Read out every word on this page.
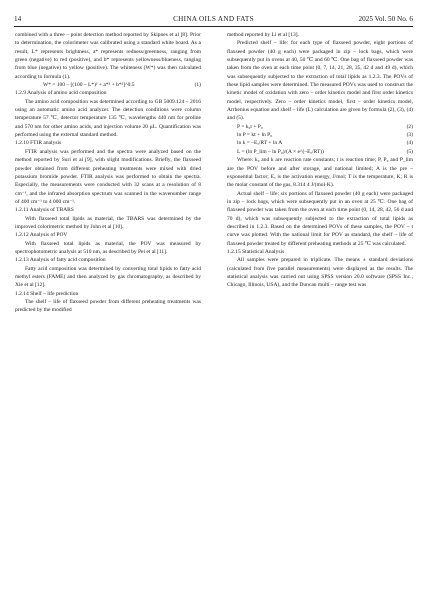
14	CHINA OILS AND FATS	2025 Vol. 50 No. 6

combined with a three – point detection method reported by Skipnes et al [8]. Prior to determination, the colorimeter was calibrated using a standard white board. As a result, L* represents brightness, a* represents redness/greenness, ranging from green (negative) to red (positive), and b* represents yellowness/blueness, ranging from blue (negative) to yellow (positive). The whiteness (W*) was then calculated according to formula (1).

W* = 100 – [(100 – L*)² + a*² + b*²]^0.5	(1)

1.2.9 Analysis of amino acid composition

The amino acid composition was determined according to GB 5009.124 – 2016 using an automatic amino acid analyzer. The detection conditions were column temperature 57 ℃, detector temperature 135 ℃, wavelengths 440 nm for proline and 570 nm for other amino acids, and injection volume 20 μL. Quantification was performed using the external standard method.

1.2.10 FTIR analysis

FTIR analysis was performed and the spectra were analyzed based on the method reported by Suri et al [9], with slight modifications. Briefly, the flaxseed powder obtained from different preheating treatments were mixed with dried potassium bromide powder. FTIR analysis was performed to obtain the spectra. Especially, the measurements were conducted with 32 scans at a resolution of 8 cm⁻¹, and the infrared absorption spectrum was scanned in the wavenumber range of 400 cm⁻¹ to 4 000 cm⁻¹.

1.2.11 Analysis of TBARS

With flaxseed total lipids as material, the TBARS was determined by the improved colorimetric method by John et al [10].

1.2.12 Analysis of POV

With flaxseed total lipids as material, the POV was measured by spectrophotometric analysis at 510 nm, as described by Pei et al [11].

1.2.13 Analysis of fatty acid composition

Fatty acid composition was determined by converting total lipids to fatty acid methyl esters (FAME) and then analyzed by gas chromatography, as described by Xie et al [12].

1.2.14 Shelf – life prediction

The shelf – life of flaxseed powder from different preheating treatments was predicted by the modified

method reported by Li et al [13].

Predicted shelf – life: for each type of flaxseed powder, eight portions of flaxseed powder (40 g each) were packaged in zip – lock bags, which were subsequently put in ovens at 40, 50 ℃ and 60 ℃. One bag of flaxseed powder was taken from the oven at each time point (0, 7, 14, 21, 28, 35, 42 d and 49 d), which was subsequently subjected to the extraction of total lipids as 1.2.3. The POVs of these lipid samples were determined. The measured POVs was used to construct the kinetic model of oxidation with zero – order kinetics model and first order kinetics model, respectively. Zero – order kinetics model, first – order kinetics model, Arrhenius equation and shelf – life (L) calculation are given by formula (2), (3), (4) and (5).

P = k₀t + P₀	(2)
ln P = kt + ln P₀	(3)
ln k = –Eₐ/RT + ln A	(4)
L = (ln P_lim – ln P₀)/(A × e^(–Eₐ/RT))	(5)

Where: k₀ and k are reaction rate constants; t is reaction time; P, P₀ and P_lim are the POV before and after storage, and national limited; A is the pre – exponential factor; Eₐ is the activation energy, J/mol; T is the temperature, K; R is the molar constant of the gas, 8.314 4 J/(mol·K).

Actual shelf – life: six portions of flaxseed powder (40 g each) were packaged in zip – lock bags, which were subsequently put in an oven at 25 ℃. One bag of flaxseed powder was taken from the oven at each time point (0, 14, 28, 42, 56 d and 70 d), which was subsequently subjected to the extraction of total lipids as described in 1.2.3. Based on the determined POVs of these samples, the POV – t curve was plotted. With the national limit for POV as standard, the shelf – life of flaxseed powder treated by different preheating methods at 25 ℃ was calculated.

1.2.15 Statistical Analysis

All samples were prepared in triplicate. The means ± standard deviations (calculated from five parallel measurements) were displayed as the results. The statistical analysis was carried out using SPSS version 20.0 software (SPSS Inc., Chicago, Illinois, USA), and the Duncan multi – range test was
